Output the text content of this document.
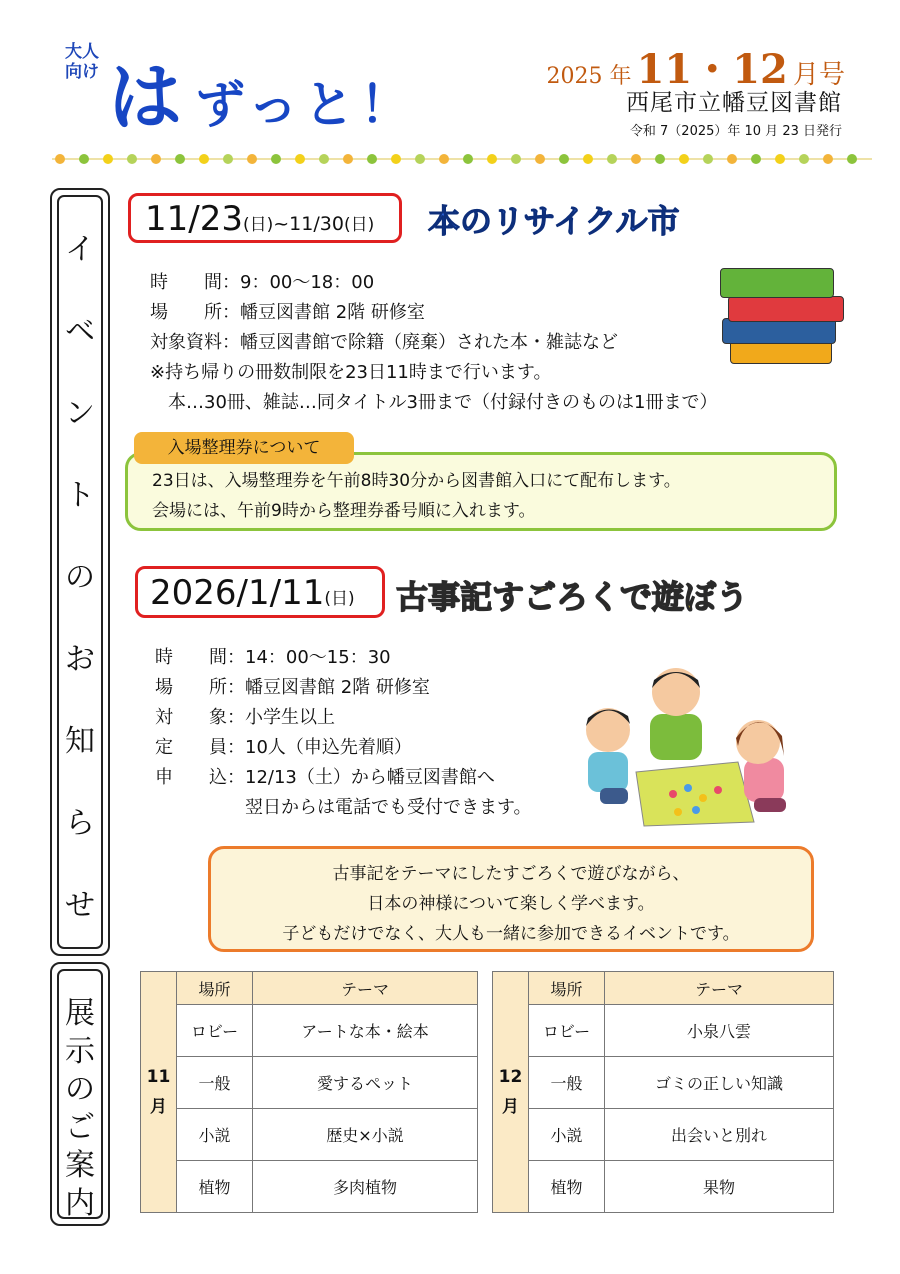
大人向け は ずっと！	2025 年 11・12 月号
西尾市立幡豆図書館
令和 7（2025）年 10 月 23 日発行
イ
ベ
ン
ト
の
お
知
ら
せ
展
示
の
ご
案
内
11/23(日)~11/30(日) 本のリサイクル市
時　　間：9：00～18：00
場　　所：幡豆図書館 2階 研修室
対象資料：幡豆図書館で除籍（廃棄）された本・雑誌など
※持ち帰りの冊数制限を23日11時まで行います。
　本…30冊、雑誌…同タイトル3冊まで（付録付きのものは1冊まで）
入場整理券について
23日は、入場整理券を午前8時30分から図書館入口にて配布します。
会場には、午前9時から整理券番号順に入れます。
2026/1/11(日) 古事記すごろくで遊ぼう
時　　間：14：00～15：30
場　　所：幡豆図書館 2階 研修室
対　　象：小学生以上
定　　員：10人（申込先着順）
申　　込：12/13（土）から幡豆図書館へ
　　　　　翌日からは電話でも受付できます。
古事記をテーマにしたすごろくで遊びながら、
日本の神様について楽しく学べます。
子どもだけでなく、大人も一緒に参加できるイベントです。
11
月	場所	テーマ
	ロビー	アートな本・絵本
	一般	愛するペット
	小説	歴史×小説
	植物	多肉植物
12
月	場所	テーマ
	ロビー	小泉八雲
	一般	ゴミの正しい知識
	小説	出会いと別れ
	植物	果物
